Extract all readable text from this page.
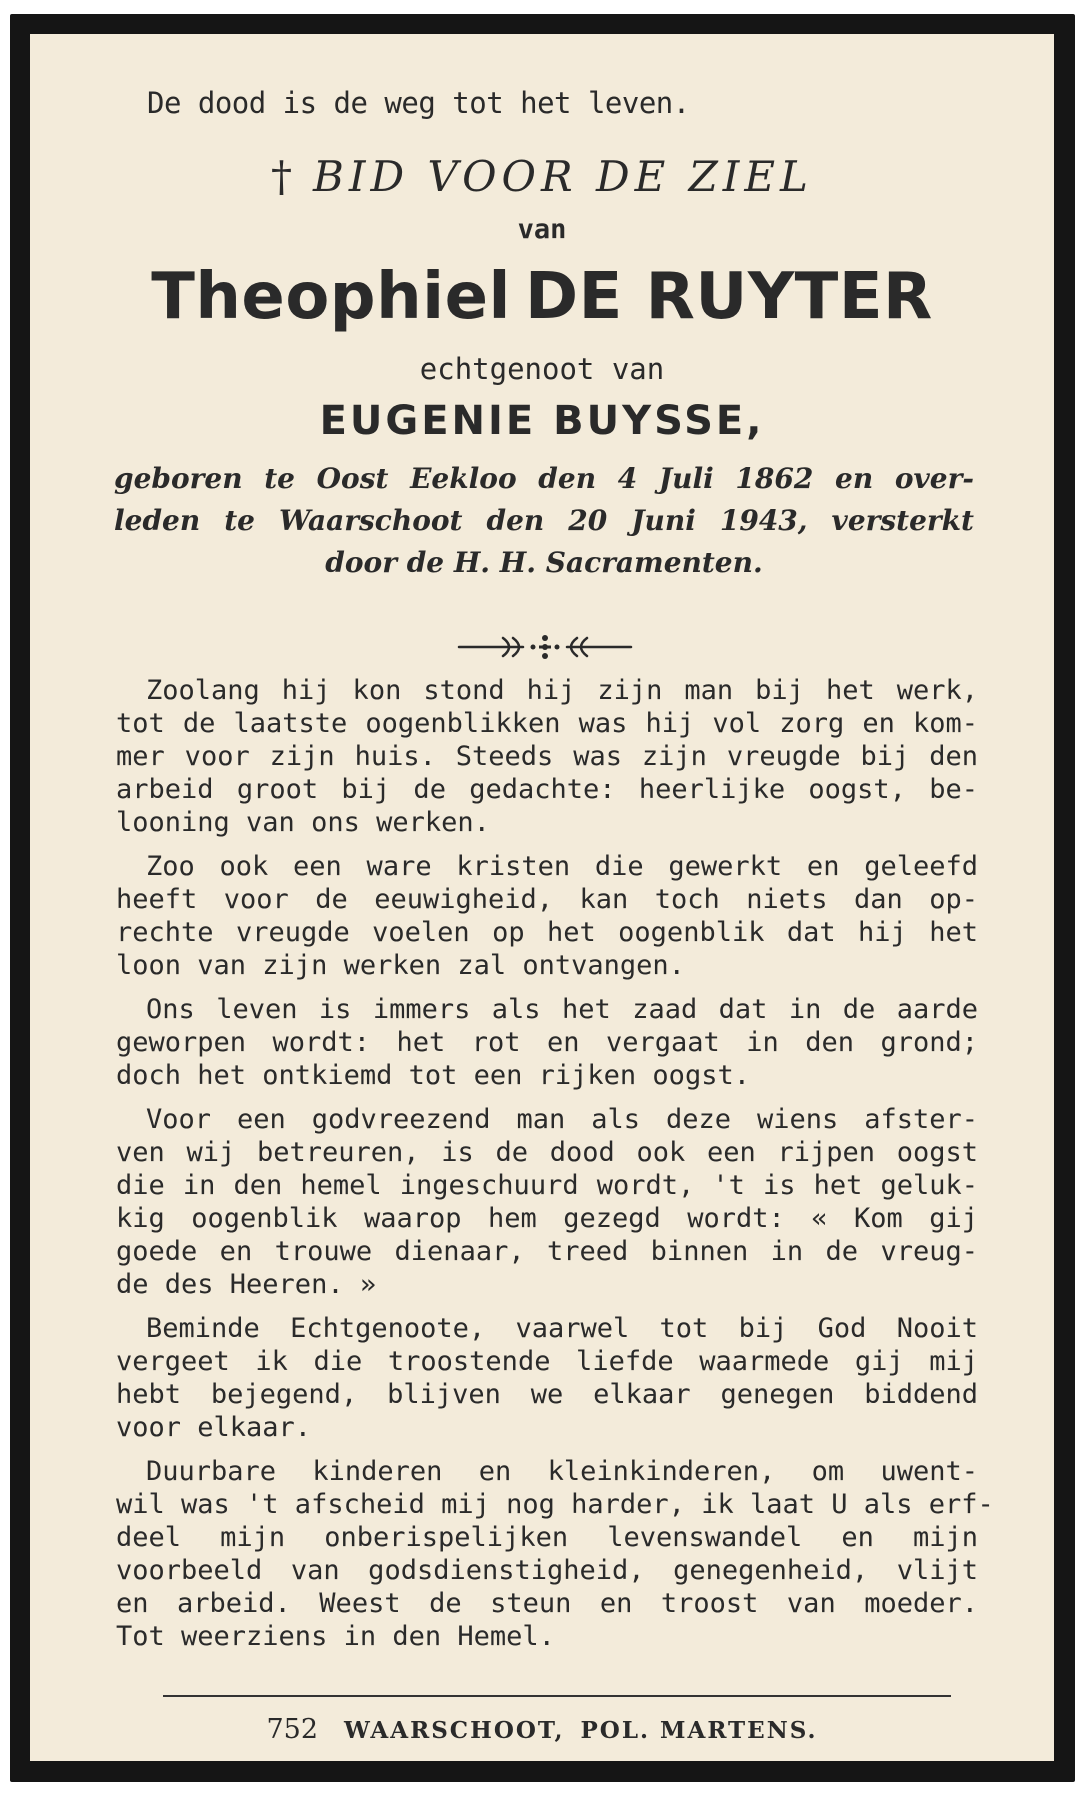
De dood is de weg tot het leven.
† BID VOOR DE ZIEL
van
Theophiel DE RUYTER
echtgenoot van
EUGENIE BUYSSE,
geboren te Oost Eekloo den 4 Juli 1862 en over-
leden te Waarschoot den 20 Juni 1943, versterkt
door de H. H. Sacramenten.
Zoolang hij kon stond hij zijn man bij het werk,
tot de laatste oogenblikken was hij vol zorg en kom-
mer voor zijn huis. Steeds was zijn vreugde bij den
arbeid groot bij de gedachte: heerlijke oogst, be-
looning van ons werken.
Zoo ook een ware kristen die gewerkt en geleefd
heeft voor de eeuwigheid, kan toch niets dan op-
rechte vreugde voelen op het oogenblik dat hij het
loon van zijn werken zal ontvangen.
Ons leven is immers als het zaad dat in de aarde
geworpen wordt: het rot en vergaat in den grond;
doch het ontkiemd tot een rijken oogst.
Voor een godvreezend man als deze wiens afster-
ven wij betreuren, is de dood ook een rijpen oogst
die in den hemel ingeschuurd wordt, 't is het geluk-
kig oogenblik waarop hem gezegd wordt: « Kom gij
goede en trouwe dienaar, treed binnen in de vreug-
de des Heeren. »
Beminde Echtgenoote, vaarwel tot bij God Nooit
vergeet ik die troostende liefde waarmede gij mij
hebt bejegend, blijven we elkaar genegen biddend
voor elkaar.
Duurbare kinderen en kleinkinderen, om uwent-
wil was 't afscheid mij nog harder, ik laat U als erf-
deel mijn onberispelijken levenswandel en mijn
voorbeeld van godsdienstigheid, genegenheid, vlijt
en arbeid. Weest de steun en troost van moeder.
Tot weerziens in den Hemel.
752 WAARSCHOOT, POL. MARTENS.
